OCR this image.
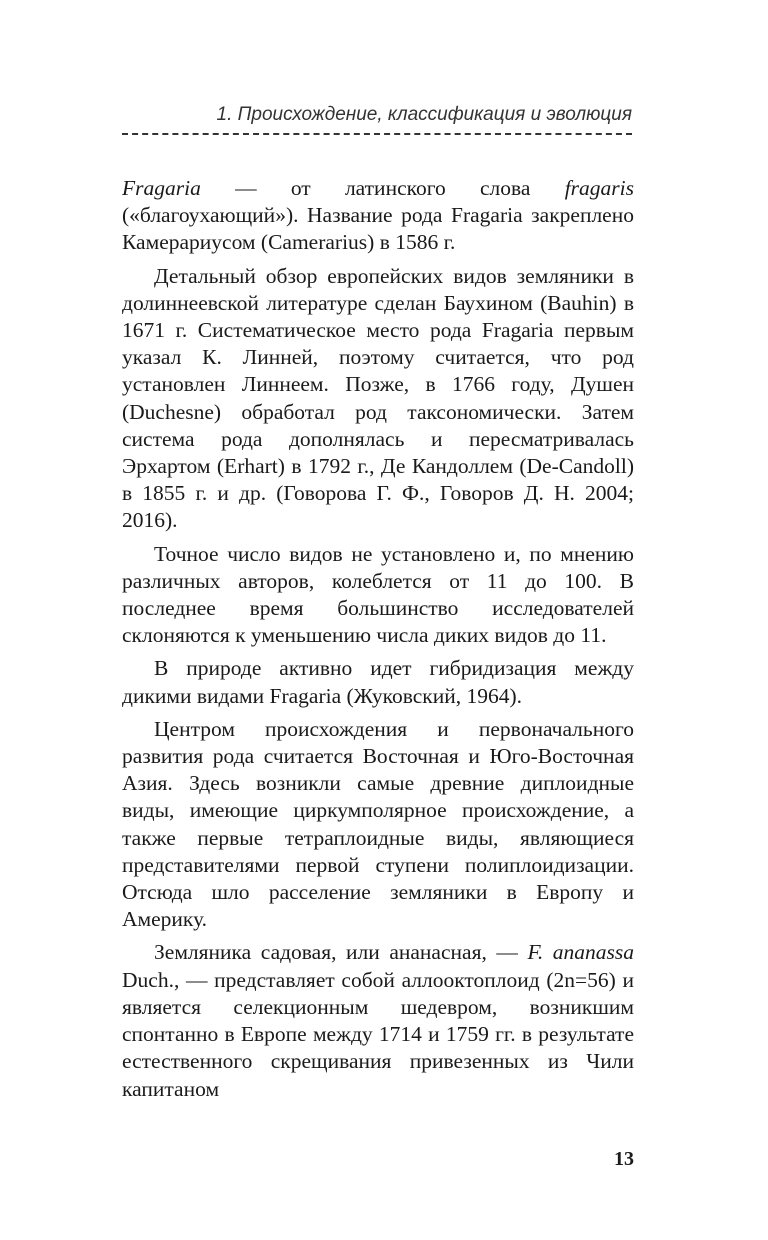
1. Происхождение, классификация и эволюция

Fragaria — от латинского слова fragaris («благоухающий»). Название рода Fragaria закреплено Камерариусом (Camerarius) в 1586 г.

Детальный обзор европейских видов земляники в долиннеевской литературе сделан Баухином (Bauhin) в 1671 г. Систематическое место рода Fragaria первым указал К. Линней, поэтому считается, что род установлен Линнеем. Позже, в 1766 году, Душен (Duchesne) обработал род таксономически. Затем система рода дополнялась и пересматривалась Эрхартом (Erhart) в 1792 г., Де Кандоллем (De-Candoll) в 1855 г. и др. (Говорова Г. Ф., Говоров Д. Н. 2004; 2016).

Точное число видов не установлено и, по мнению различных авторов, колеблется от 11 до 100. В последнее время большинство исследователей склоняются к уменьшению числа диких видов до 11.

В природе активно идет гибридизация между дикими видами Fragaria (Жуковский, 1964).

Центром происхождения и первоначального развития рода считается Восточная и Юго-Восточная Азия. Здесь возникли самые древние диплоидные виды, имеющие циркумполярное происхождение, а также первые тетраплоидные виды, являющиеся представителями первой ступени полиплоидизации. Отсюда шло расселение земляники в Европу и Америку.

Земляника садовая, или ананасная, — F. ananassa Duch., — представляет собой аллооктоплоид (2n=56) и является селекционным шедевром, возникшим спонтанно в Европе между 1714 и 1759 гг. в результате естественного скрещивания привезенных из Чили капитаном

13
